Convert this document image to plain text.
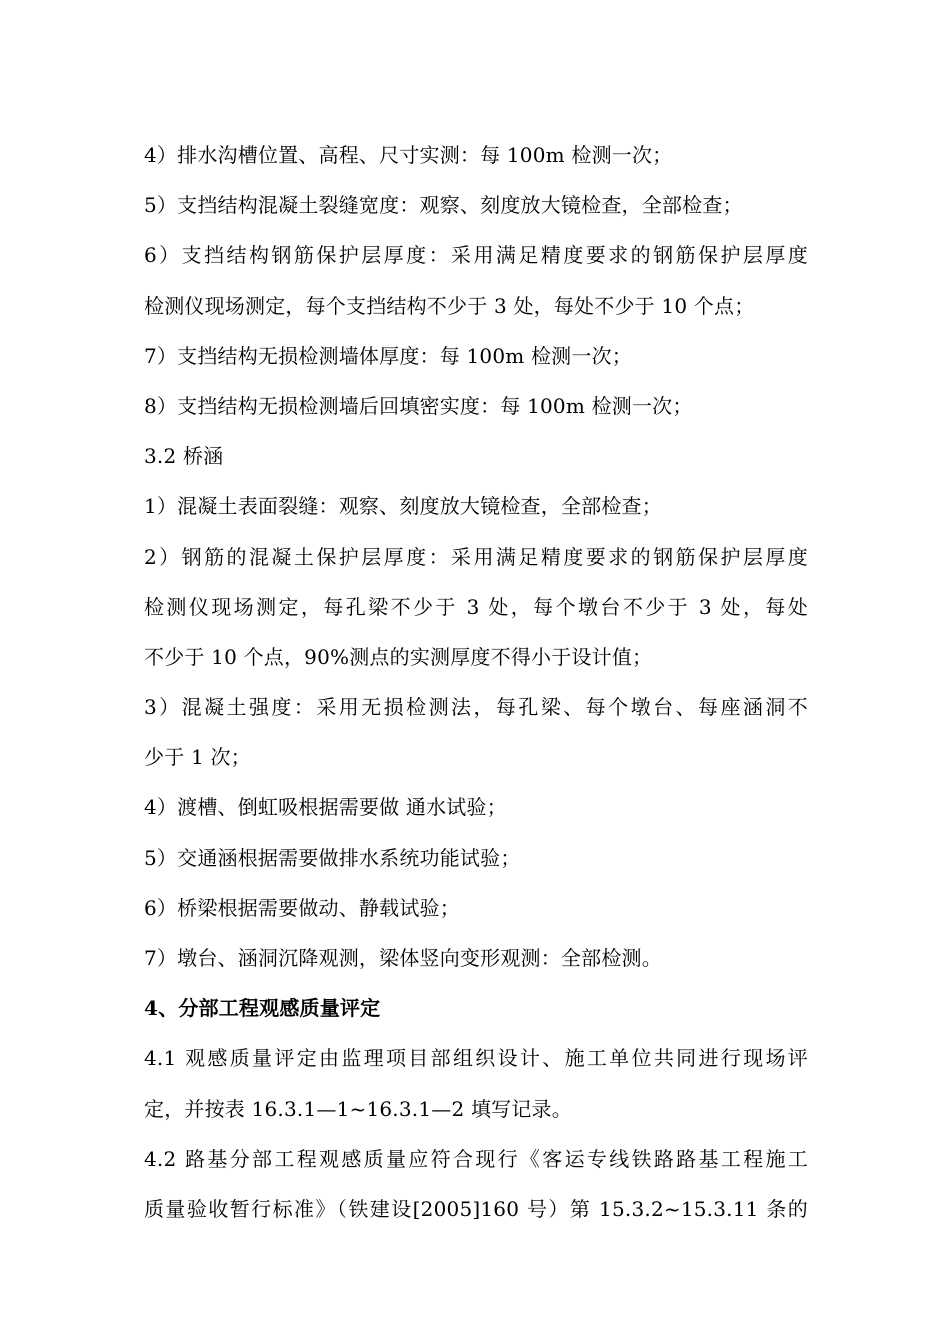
4）排水沟槽位置、高程、尺寸实测：每 100m 检测一次；
5）支挡结构混凝土裂缝宽度：观察、刻度放大镜检查，全部检查；
6）支挡结构钢筋保护层厚度：采用满足精度要求的钢筋保护层厚度
检测仪现场测定，每个支挡结构不少于 3 处，每处不少于 10 个点；
7）支挡结构无损检测墙体厚度：每 100m 检测一次；
8）支挡结构无损检测墙后回填密实度：每 100m 检测一次；
3.2 桥涵
1）混凝土表面裂缝：观察、刻度放大镜检查，全部检查；
2）钢筋的混凝土保护层厚度：采用满足精度要求的钢筋保护层厚度
检测仪现场测定，每孔梁不少于 3 处，每个墩台不少于 3 处，每处
不少于 10 个点，90%测点的实测厚度不得小于设计值；
3）混凝土强度：采用无损检测法，每孔梁、每个墩台、每座涵洞不
少于 1 次；
4）渡槽、倒虹吸根据需要做 通水试验；
5）交通涵根据需要做排水系统功能试验；
6）桥梁根据需要做动、静载试验；
7）墩台、涵洞沉降观测，梁体竖向变形观测：全部检测。
4、分部工程观感质量评定
4.1 观感质量评定由监理项目部组织设计、施工单位共同进行现场评
定，并按表 16.3.1—1~16.3.1—2 填写记录。
4.2 路基分部工程观感质量应符合现行《客运专线铁路路基工程施工
质量验收暂行标准》（铁建设[2005]160 号）第 15.3.2~15.3.11 条的
